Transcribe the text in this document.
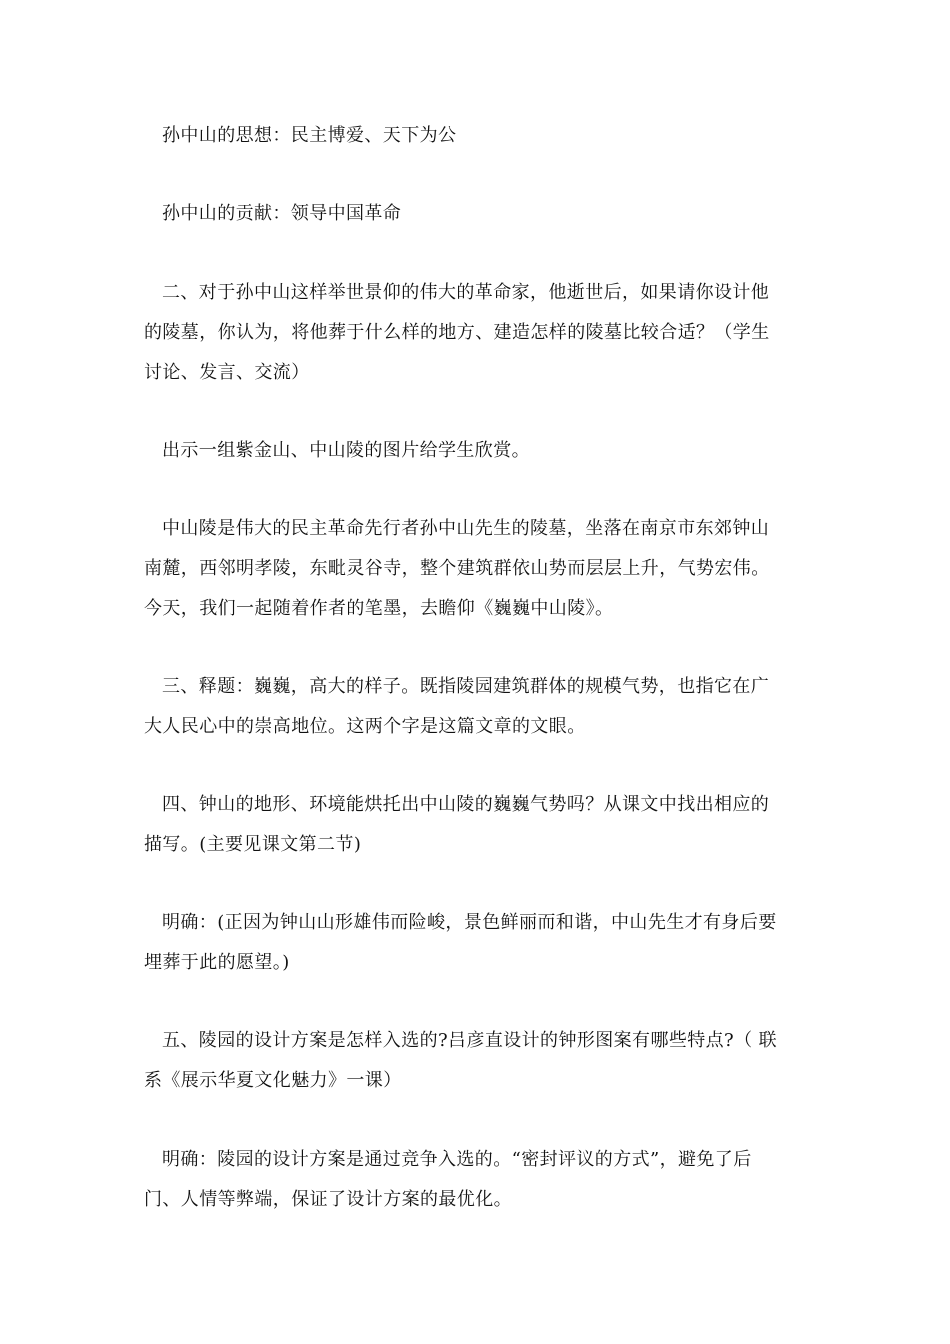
孙中山的思想：民主博爱、天下为公

孙中山的贡献：领导中国革命

二、对于孙中山这样举世景仰的伟大的革命家，他逝世后，如果请你设计他
的陵墓，你认为，将他葬于什么样的地方、建造怎样的陵墓比较合适？（学生
讨论、发言、交流）

出示一组紫金山、中山陵的图片给学生欣赏。

中山陵是伟大的民主革命先行者孙中山先生的陵墓，坐落在南京市东郊钟山
南麓，西邻明孝陵，东毗灵谷寺，整个建筑群依山势而层层上升，气势宏伟。
今天，我们一起随着作者的笔墨，去瞻仰《巍巍中山陵》。

三、释题：巍巍，高大的样子。既指陵园建筑群体的规模气势，也指它在广
大人民心中的崇高地位。这两个字是这篇文章的文眼。

四、钟山的地形、环境能烘托出中山陵的巍巍气势吗？从课文中找出相应的
描写。(主要见课文第二节)

明确：(正因为钟山山形雄伟而险峻，景色鲜丽而和谐，中山先生才有身后要
埋葬于此的愿望。)

五、陵园的设计方案是怎样入选的?吕彦直设计的钟形图案有哪些特点?（ 联
系《展示华夏文化魅力》一课）

明确：陵园的设计方案是通过竞争入选的。“密封评议的方式”，避免了后
门、人情等弊端，保证了设计方案的最优化。
